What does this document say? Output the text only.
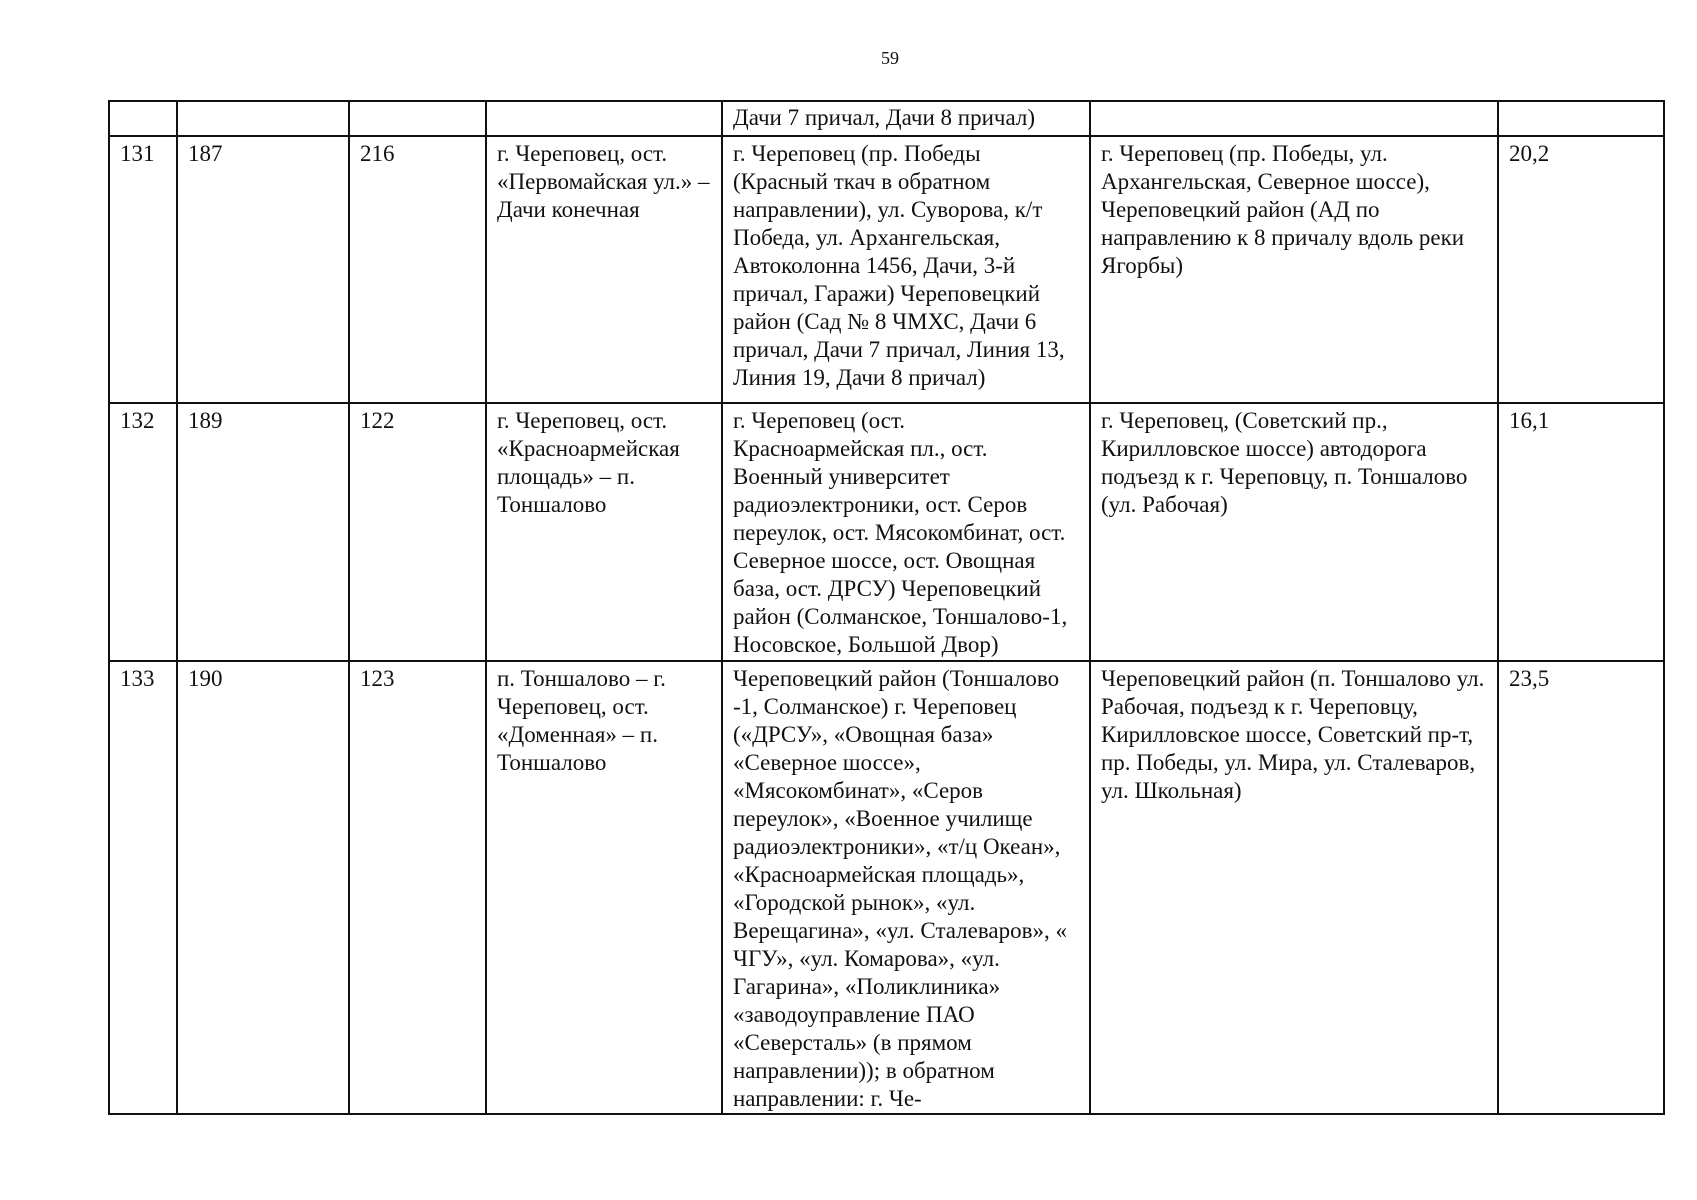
59
				Дачи 7 причал, Дачи 8 причал)		
131	187	216	г. Череповец, ост. «Первомайская ул.» – Дачи конечная	г. Череповец (пр. Победы (Красный ткач в обратном направлении), ул. Суворова, к/т Победа, ул. Архангельская, Автоколонна 1456, Дачи, 3-й причал, Гаражи) Череповецкий район (Сад № 8 ЧМХС, Дачи 6 причал, Дачи 7 причал, Линия 13, Линия 19, Дачи 8 причал)	г. Череповец (пр. Победы, ул. Архангельская, Северное шоссе), Череповецкий район (АД по направлению к 8 причалу вдоль реки Ягорбы)	20,2
132	189	122	г. Череповец, ост. «Красноармейская площадь» – п. Тоншалово	г. Череповец (ост. Красноармейская пл., ост. Военный университет радиоэлектроники, ост. Серов переулок, ост. Мясокомбинат, ост. Северное шоссе, ост. Овощная база, ост. ДРСУ) Череповецкий район (Солманское, Тоншалово-1, Носовское, Большой Двор)	г. Череповец, (Советский пр., Кирилловское шоссе) автодорога подъезд к г. Череповцу, п. Тоншалово (ул. Рабочая)	16,1
133	190	123	п. Тоншалово – г. Череповец, ост. «Доменная» – п. Тоншалово	Череповецкий район (Тоншалово -1, Солманское) г. Череповец («ДРСУ», «Овощная база» «Северное шоссе», «Мясокомбинат», «Серов переулок», «Военное училище радиоэлектроники», «т/ц Океан», «Красноармейская площадь», «Городской рынок», «ул. Верещагина», «ул. Сталеваров», « ЧГУ», «ул. Комарова», «ул. Гагарина», «Поликлиника» «заводоуправление ПАО «Северсталь» (в прямом направлении)); в обратном направлении: г. Че-	Череповецкий район (п. Тоншалово ул. Рабочая, подъезд к г. Череповцу, Кирилловское шоссе, Советский пр-т, пр. Победы, ул. Мира, ул. Сталеваров, ул. Школьная)	23,5
